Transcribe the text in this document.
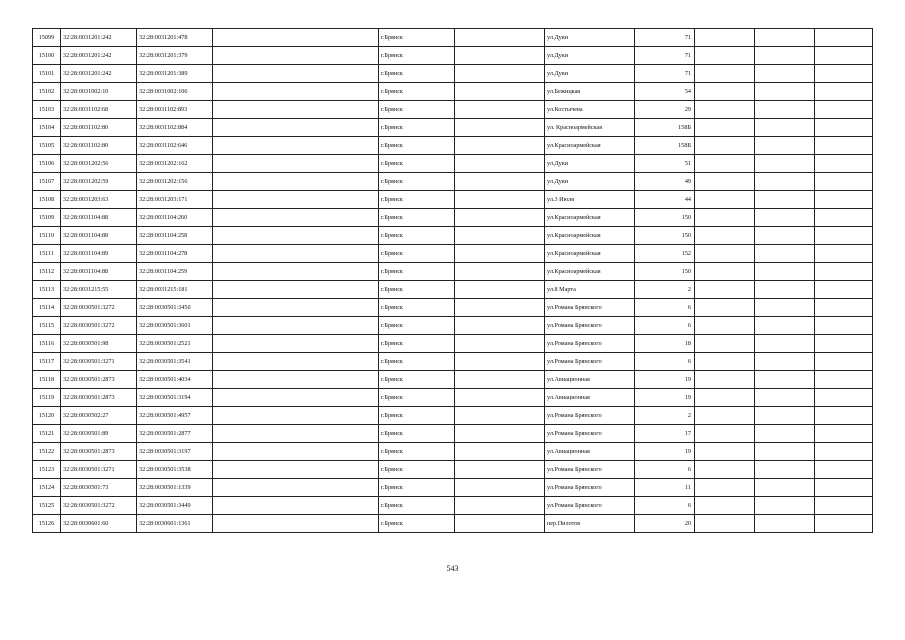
15099	32:28:0031201:242	32:28:0031201:478		г.Брянск		ул.Дуки	71			
15100	32:28:0031201:242	32:28:0031201:379		г.Брянск		ул.Дуки	71			
15101	32:28:0031201:242	32:28:0031201:389		г.Брянск		ул.Дуки	71			
15102	32:28:0031002:10	32:28:0031002:106		г.Брянск		ул.Бежицкая	54			
15103	32:28:0031102:68	32:28:0031102:893		г.Брянск		ул.Костычева	29			
15104	32:28:0031102:80	32:28:0031102:884		г.Брянск		ул. Красноармейская	158Б			
15105	32:28:0031102:80	32:28:0031102:646		г.Брянск		ул.Красноармейская	158Б			
15106	32:28:0031202:56	32:28:0031202:162		г.Брянск		ул.Дуки	51			
15107	32:28:0031202:59	32:28:0031202:156		г.Брянск		ул.Дуки	49			
15108	32:28:0031203:63	32:28:0031203:171		г.Брянск		ул.3 Июля	44			
15109	32:28:0031104:88	32:28:0031104:260		г.Брянск		ул.Красноармейская	150			
15110	32:28:0031104:88	32:28:0031104:258		г.Брянск		ул.Красноармейская	150			
15111	32:28:0031104:89	32:28:0031104:278		г.Брянск		ул.Красноармейская	152			
15112	32:28:0031104:88	32:28:0031104:259		г.Брянск		ул.Красноармейская	150			
15113	32:28:0031215:55	32:28:0031215:181		г.Брянск		ул.8 Марта	2			
15114	32:28:0030501:3272	32:28:0030501:3450		г.Брянск		ул.Романа Брянского	6			
15115	32:28:0030501:3272	32:28:0030501:3601		г.Брянск		ул.Романа Брянского	6			
15116	32:28:0030501:98	32:28:0030501:2521		г.Брянск		ул.Романа Брянского	18			
15117	32:28:0030501:3271	32:28:0030501:3541		г.Брянск		ул.Романа Брянского	6			
15118	32:28:0030501:2873	32:28:0030501:4034		г.Брянск		ул.Авиационная	19			
15119	32:28:0030501:2873	32:28:0030501:3194		г.Брянск		ул.Авиационная	19			
15120	32:28:0030502:27	32:28:0030501:4957		г.Брянск		ул.Романа Брянского	2			
15121	32:28:0030501:89	32:28:0030501:2877		г.Брянск		ул.Романа Брянского	17			
15122	32:28:0030501:2873	32:28:0030501:3197		г.Брянск		ул.Авиационная	19			
15123	32:28:0030501:3271	32:28:0030501:3538		г.Брянск		ул.Романа Брянского	6			
15124	32:28:0030501:73	32:28:0030501:1339		г.Брянск		ул.Романа Брянского	11			
15125	32:28:0030501:3272	32:28:0030501:3449		г.Брянск		ул.Романа Брянского	6			
15126	32:28:0030601:60	32:28:0030601:1361		г.Брянск		пер.Пилотов	20			
543
